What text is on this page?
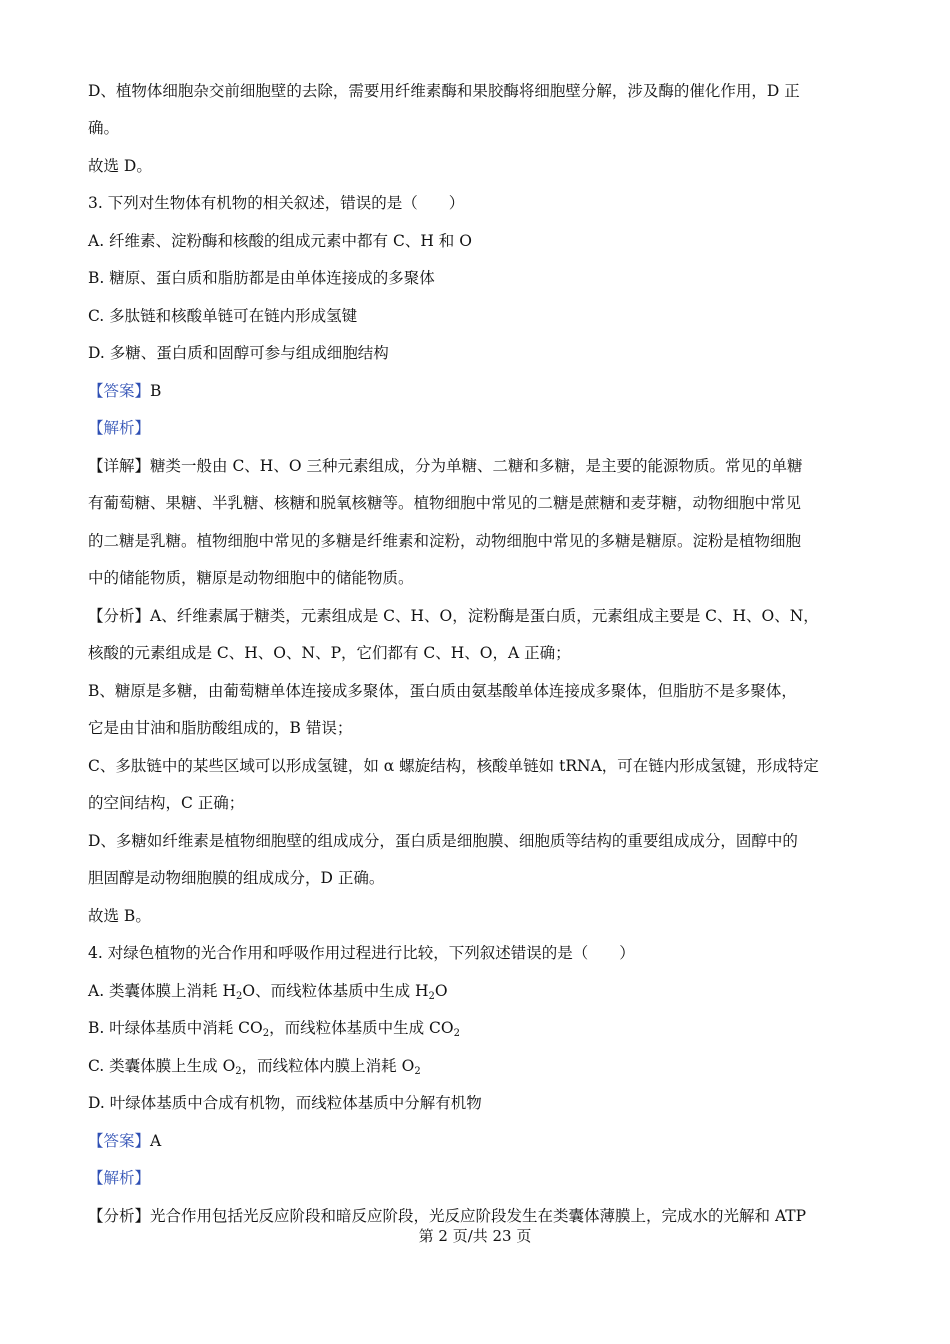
D、植物体细胞杂交前细胞壁的去除，需要用纤维素酶和果胶酶将细胞壁分解，涉及酶的催化作用，D 正
确。
故选 D。
3. 下列对生物体有机物的相关叙述，错误的是（　　）
A. 纤维素、淀粉酶和核酸的组成元素中都有 C、H 和 O
B. 糖原、蛋白质和脂肪都是由单体连接成的多聚体
C. 多肽链和核酸单链可在链内形成氢键
D. 多糖、蛋白质和固醇可参与组成细胞结构
【答案】B
【解析】
【详解】糖类一般由 C、H、O 三种元素组成，分为单糖、二糖和多糖，是主要的能源物质。常见的单糖
有葡萄糖、果糖、半乳糖、核糖和脱氧核糖等。植物细胞中常见的二糖是蔗糖和麦芽糖，动物细胞中常见
的二糖是乳糖。植物细胞中常见的多糖是纤维素和淀粉，动物细胞中常见的多糖是糖原。淀粉是植物细胞
中的储能物质，糖原是动物细胞中的储能物质。
【分析】A、纤维素属于糖类，元素组成是 C、H、O，淀粉酶是蛋白质，元素组成主要是 C、H、O、N，
核酸的元素组成是 C、H、O、N、P，它们都有 C、H、O，A 正确；
B、糖原是多糖，由葡萄糖单体连接成多聚体，蛋白质由氨基酸单体连接成多聚体，但脂肪不是多聚体，
它是由甘油和脂肪酸组成的，B 错误；
C、多肽链中的某些区域可以形成氢键，如 α 螺旋结构，核酸单链如 tRNA，可在链内形成氢键，形成特定
的空间结构，C 正确；
D、多糖如纤维素是植物细胞壁的组成成分，蛋白质是细胞膜、细胞质等结构的重要组成成分，固醇中的
胆固醇是动物细胞膜的组成成分，D 正确。
故选 B。
4. 对绿色植物的光合作用和呼吸作用过程进行比较，下列叙述错误的是（　　）
A. 类囊体膜上消耗 $H_2O$、而线粒体基质中生成 $H_2O$
B. 叶绿体基质中消耗 $CO_2$，而线粒体基质中生成 $CO_2$
C. 类囊体膜上生成 $O_2$，而线粒体内膜上消耗 $O_2$
D. 叶绿体基质中合成有机物，而线粒体基质中分解有机物
【答案】A
【解析】
【分析】光合作用包括光反应阶段和暗反应阶段，光反应阶段发生在类囊体薄膜上，完成水的光解和 ATP
第 2 页/共 23 页
